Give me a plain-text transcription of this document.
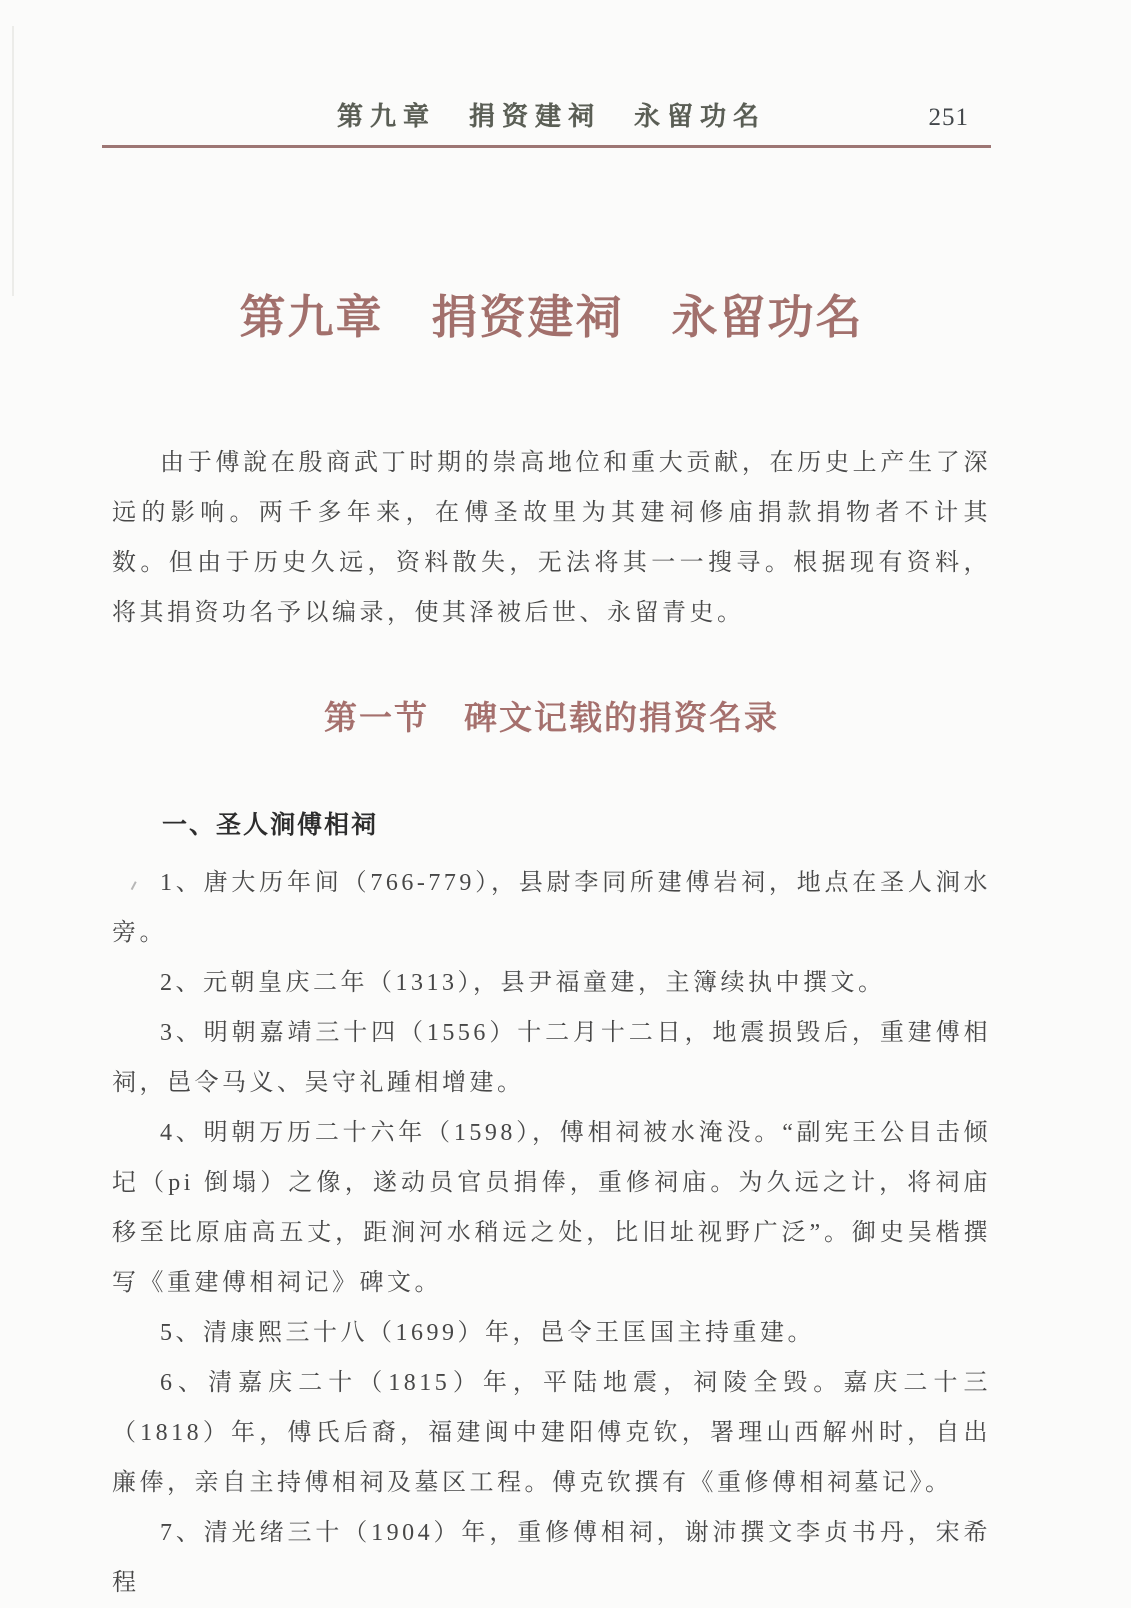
第九章　捐资建祠　永留功名	251
第九章　捐资建祠　永留功名

由于傅說在殷商武丁时期的崇高地位和重大贡献，在历史上产生了深远的影响。两千多年来，在傅圣故里为其建祠修庙捐款捐物者不计其数。但由于历史久远，资料散失，无法将其一一搜寻。根据现有资料，将其捐资功名予以编录，使其泽被后世、永留青史。

第一节　碑文记载的捐资名录
一、圣人涧傅相祠

1、唐大历年间（766-779），县尉李同所建傅岩祠，地点在圣人涧水旁。

2、元朝皇庆二年（1313），县尹福童建，主簿续执中撰文。

3、明朝嘉靖三十四（1556）十二月十二日，地震损毁后，重建傅相祠，邑令马义、吴守礼踵相增建。

4、明朝万历二十六年（1598），傅相祠被水淹没。“副宪王公目击倾圮（pi 倒塌）之像，遂动员官员捐俸，重修祠庙。为久远之计，将祠庙移至比原庙高五丈，距涧河水稍远之处，比旧址视野广泛”。御史吴楷撰写《重建傅相祠记》碑文。

5、清康熙三十八（1699）年，邑令王匡国主持重建。

6、清嘉庆二十（1815）年，平陆地震，祠陵全毁。嘉庆二十三（1818）年，傅氏后裔，福建闽中建阳傅克钦，署理山西解州时，自出廉俸，亲自主持傅相祠及墓区工程。傅克钦撰有《重修傅相祠墓记》。

7、清光绪三十（1904）年，重修傅相祠，谢沛撰文李贞书丹，宋希程
